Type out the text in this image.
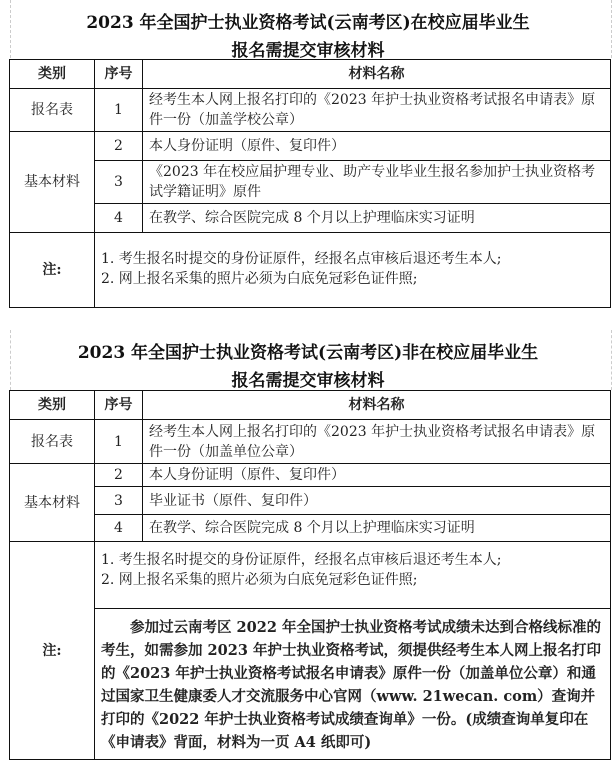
2023 年全国护士执业资格考试(云南考区)在校应届毕业生
报名需提交审核材料
类别	序号	材料名称
报名表	1	经考生本人网上报名打印的《2023 年护士执业资格考试报名申请表》原件一份（加盖学校公章）
基本材料	2	本人身份证明（原件、复印件）
	3	《2023 年在校应届护理专业、助产专业毕业生报名参加护士执业资格考试学籍证明》原件
	4	在教学、综合医院完成 8 个月以上护理临床实习证明
注:	1. 考生报名时提交的身份证原件，经报名点审核后退还考生本人;
2. 网上报名采集的照片必须为白底免冠彩色证件照;	
2023 年全国护士执业资格考试(云南考区)非在校应届毕业生
报名需提交审核材料
类别	序号	材料名称
报名表	1	经考生本人网上报名打印的《2023 年护士执业资格考试报名申请表》原件一份（加盖单位公章）
基本材料	2	本人身份证明（原件、复印件）
	3	毕业证书（原件、复印件）
	4	在教学、综合医院完成 8 个月以上护理临床实习证明
注:	1. 考生报名时提交的身份证原件，经报名点审核后退还考生本人;
2. 网上报名采集的照片必须为白底免冠彩色证件照;	

	参加过云南考区 2022 年全国护士执业资格考试成绩未达到合格线标准的考生，如需参加 2023 年护士执业资格考试，须提供经考生本人网上报名打印的《2023 年护士执业资格考试报名申请表》原件一份（加盖单位公章）和通过国家卫生健康委人才交流服务中心官网（www. 21wecan. com）查询并打印的《2022 年护士执业资格考试成绩查询单》一份。(成绩查询单复印在《申请表》背面，材料为一页 A4 纸即可)	
